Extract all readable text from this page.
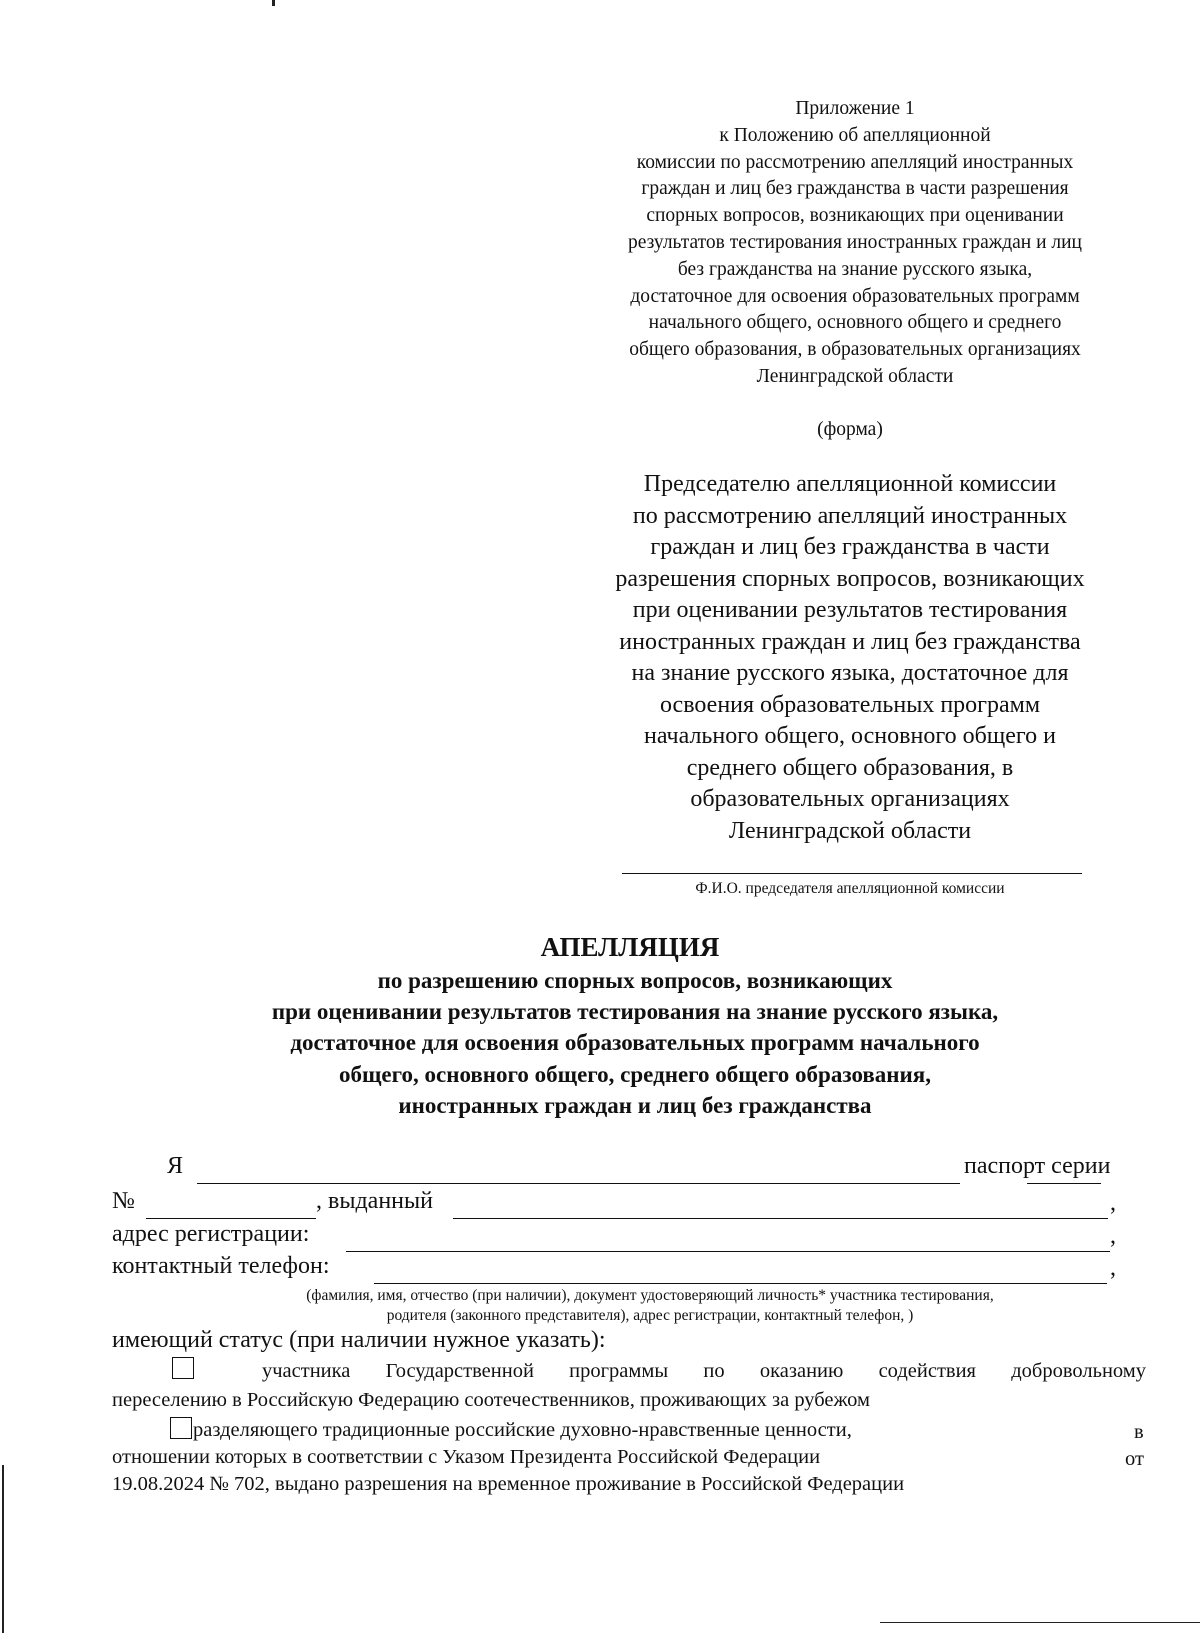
Приложение 1
к Положению об апелляционной
комиссии по рассмотрению апелляций иностранных
граждан и лиц без гражданства в части разрешения
спорных вопросов, возникающих при оценивании
результатов тестирования иностранных граждан и лиц
без гражданства на знание русского языка,
достаточное для освоения образовательных программ
начального общего, основного общего и среднего
общего образования, в образовательных организациях
Ленинградской области
(форма)
Председателю апелляционной комиссии
по рассмотрению апелляций иностранных
граждан и лиц без гражданства в части
разрешения спорных вопросов, возникающих
при оценивании результатов тестирования
иностранных граждан и лиц без гражданства
на знание русского языка, достаточное для
освоения образовательных программ
начального общего, основного общего и
среднего общего образования, в
образовательных организациях
Ленинградской области
Ф.И.О. председателя апелляционной комиссии
АПЕЛЛЯЦИЯ
по разрешению спорных вопросов, возникающих
при оценивании результатов тестирования на знание русского языка,
достаточное для освоения образовательных программ начального
общего, основного общего, среднего общего образования,
иностранных граждан и лиц без гражданства
Я	паспорт серии
№	, выданный	,
адрес регистрации:	,
контактный телефон:	,
(фамилия, имя, отчество (при наличии), документ удостоверяющий личность* участника тестирования,
родителя (законного представителя), адрес регистрации, контактный телефон, )
имеющий статус (при наличии нужное указать):
участника Государственной программы по оказанию содействия добровольному
переселению в Российскую Федерацию соотечественников, проживающих за рубежом
разделяющего традиционные российские духовно-нравственные ценности,	в
отношении которых в соответствии с Указом Президента Российской Федерации	от
19.08.2024 № 702, выдано разрешения на временное проживание в Российской Федерации
